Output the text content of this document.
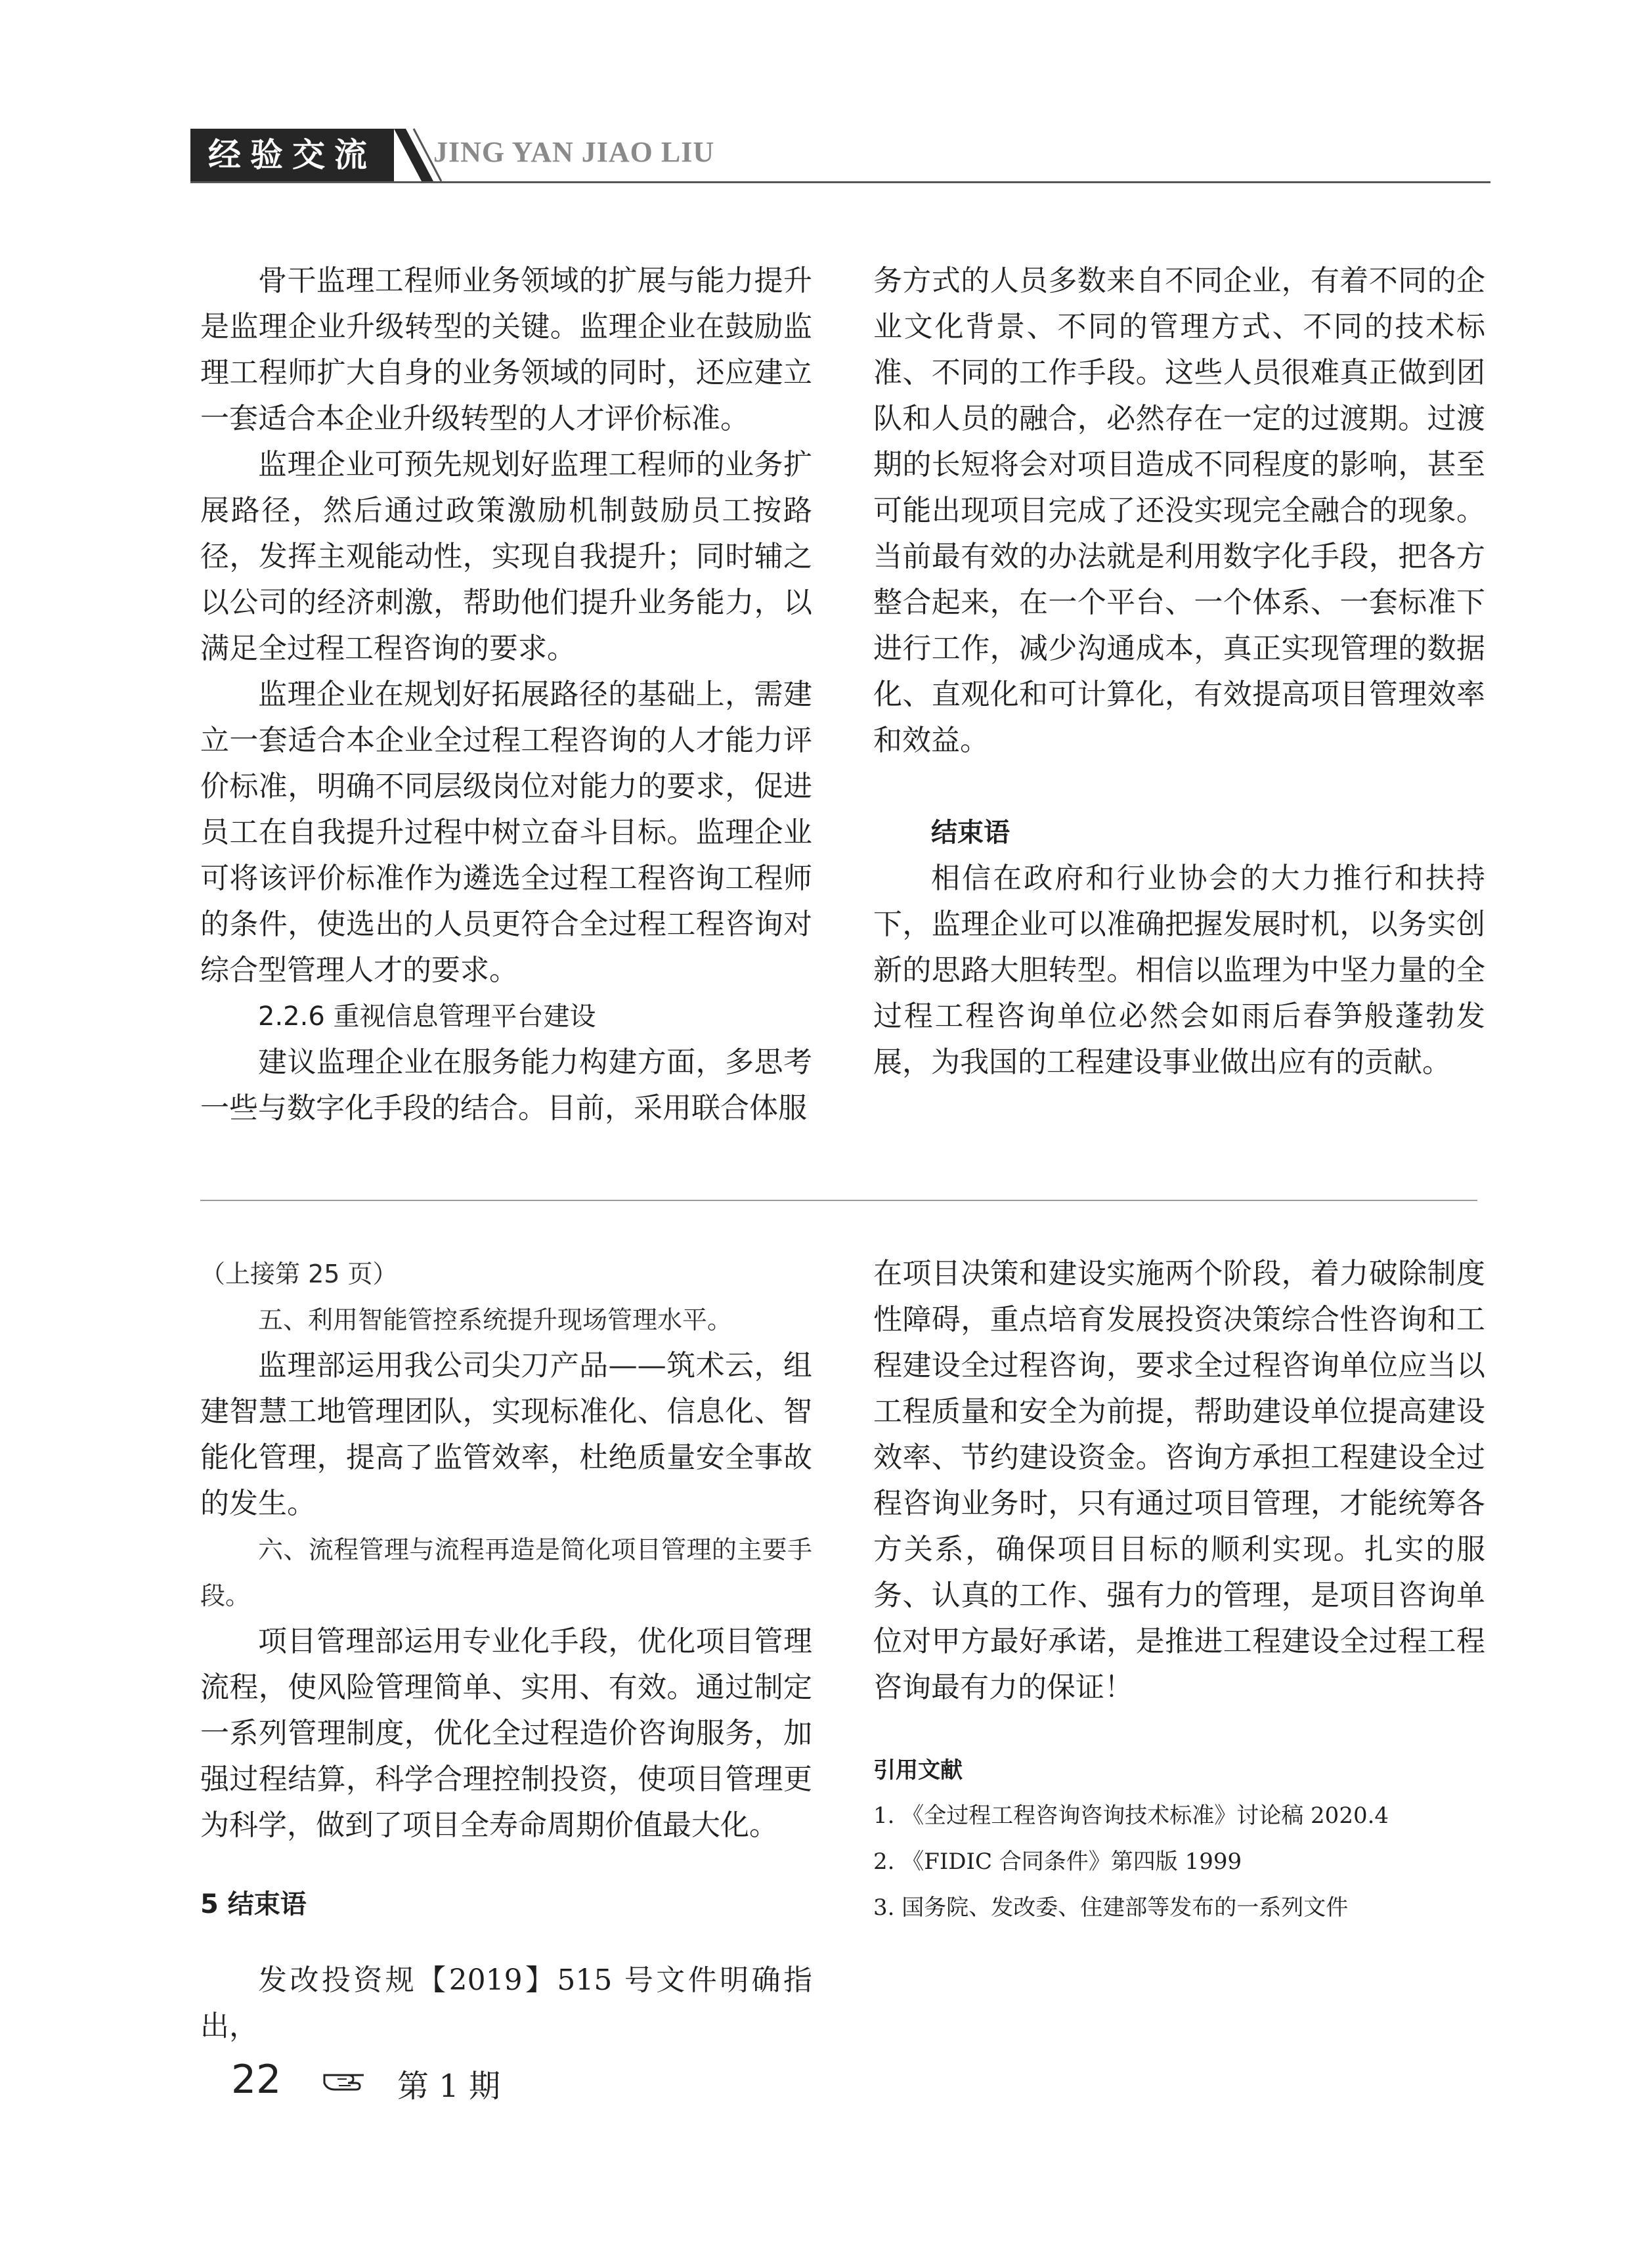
经验交流	JING YAN JIAO LIU

骨干监理工程师业务领域的扩展与能力提升是监理企业升级转型的关键。监理企业在鼓励监理工程师扩大自身的业务领域的同时，还应建立一套适合本企业升级转型的人才评价标准。

监理企业可预先规划好监理工程师的业务扩展路径，然后通过政策激励机制鼓励员工按路径，发挥主观能动性，实现自我提升；同时辅之以公司的经济刺激，帮助他们提升业务能力，以满足全过程工程咨询的要求。

监理企业在规划好拓展路径的基础上，需建立一套适合本企业全过程工程咨询的人才能力评价标准，明确不同层级岗位对能力的要求，促进员工在自我提升过程中树立奋斗目标。监理企业可将该评价标准作为遴选全过程工程咨询工程师的条件，使选出的人员更符合全过程工程咨询对综合型管理人才的要求。

2.2.6 重视信息管理平台建设

建议监理企业在服务能力构建方面，多思考一些与数字化手段的结合。目前，采用联合体服

务方式的人员多数来自不同企业，有着不同的企业文化背景、不同的管理方式、不同的技术标准、不同的工作手段。这些人员很难真正做到团队和人员的融合，必然存在一定的过渡期。过渡期的长短将会对项目造成不同程度的影响，甚至可能出现项目完成了还没实现完全融合的现象。当前最有效的办法就是利用数字化手段，把各方整合起来，在一个平台、一个体系、一套标准下进行工作，减少沟通成本，真正实现管理的数据化、直观化和可计算化，有效提高项目管理效率和效益。

结束语

相信在政府和行业协会的大力推行和扶持下，监理企业可以准确把握发展时机，以务实创新的思路大胆转型。相信以监理为中坚力量的全过程工程咨询单位必然会如雨后春笋般蓬勃发展，为我国的工程建设事业做出应有的贡献。

（上接第 25 页）

五、利用智能管控系统提升现场管理水平。

监理部运用我公司尖刀产品——筑术云，组建智慧工地管理团队，实现标准化、信息化、智能化管理，提高了监管效率，杜绝质量安全事故的发生。

六、流程管理与流程再造是简化项目管理的主要手段。

项目管理部运用专业化手段，优化项目管理流程，使风险管理简单、实用、有效。通过制定一系列管理制度，优化全过程造价咨询服务，加强过程结算，科学合理控制投资，使项目管理更为科学，做到了项目全寿命周期价值最大化。

5 结束语

发改投资规【2019】515 号文件明确指出，

在项目决策和建设实施两个阶段，着力破除制度性障碍，重点培育发展投资决策综合性咨询和工程建设全过程咨询，要求全过程咨询单位应当以工程质量和安全为前提，帮助建设单位提高建设效率、节约建设资金。咨询方承担工程建设全过程咨询业务时，只有通过项目管理，才能统筹各方关系，确保项目目标的顺利实现。扎实的服务、认真的工作、强有力的管理，是项目咨询单位对甲方最好承诺，是推进工程建设全过程工程咨询最有力的保证！

引用文献
1. 《全过程工程咨询咨询技术标准》讨论稿 2020.4
2. 《FIDIC 合同条件》第四版 1999
3. 国务院、发改委、住建部等发布的一系列文件
22	第 1 期
